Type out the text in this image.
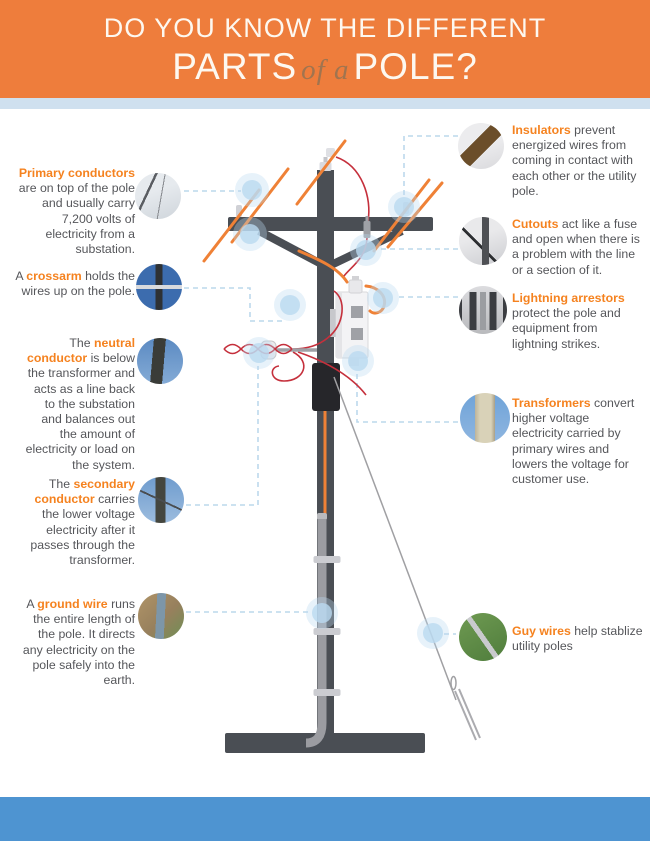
DO YOU KNOW THE DIFFERENT
PARTS of a POLE?
Primary conductors are on top of the pole and usually carry 7,200 volts of electricity from a substation.
A crossarm holds the wires up on the pole.
The neutral conductor is below the transformer and acts as a line back to the substation and balances out the amount of electricity or load on the system.
The secondary conductor carries the lower voltage electricity after it passes through the transformer.
A ground wire runs the entire length of the pole. It directs any electricity on the pole safely into the earth.
Insulators prevent energized wires from coming in contact with each other or the utility pole.
Cutouts act like a fuse and open when there is a problem with the line or a section of it.
Lightning arrestors protect the pole and equipment from lightning strikes.
Transformers convert higher voltage electricity carried by primary wires and lowers the voltage for customer use.
Guy wires help stablize utility poles
